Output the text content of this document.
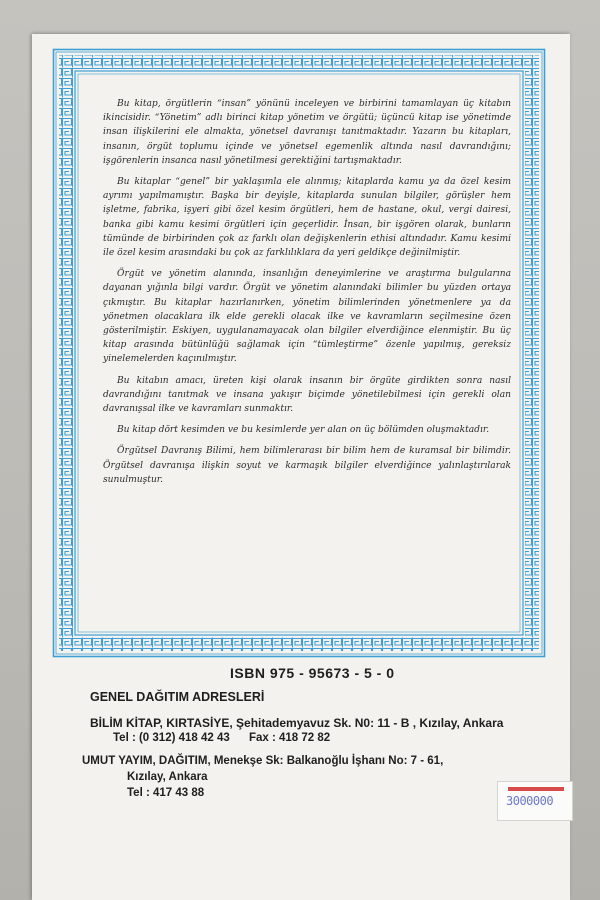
Bu kitap, örgütlerin “insan” yönünü inceleyen ve birbirini tamamlayan üç kitabın ikincisidir. “Yönetim” adlı birinci kitap yönetim ve örgütü; üçüncü kitap ise yönetimde insan ilişkilerini ele almakta, yönetsel davranışı tanıtmaktadır. Yazarın bu kitapları, insanın, örgüt toplumu içinde ve yönetsel egemenlik altında nasıl davrandığını; işgörenlerin insanca nasıl yönetilmesi gerektiğini tartışmaktadır.

Bu kitaplar “genel” bir yaklaşımla ele alınmış; kitaplarda kamu ya da özel kesim ayrımı yapılmamıştır. Başka bir deyişle, kitaplarda sunulan bilgiler, görüşler hem işletme, fabrika, işyeri gibi özel kesim örgütleri, hem de hastane, okul, vergi dairesi, banka gibi kamu kesimi örgütleri için geçerlidir. İnsan, bir işgören olarak, bunların tümünde de birbirinden çok az farklı olan değişkenlerin ethisi altındadır. Kamu kesimi ile özel kesim arasındaki bu çok az farklılıklara da yeri geldikçe değinilmiştir.

Örgüt ve yönetim alanında, insanlığın deneyimlerine ve araştırma bulgularına dayanan yığınla bilgi vardır. Örgüt ve yönetim alanındaki bilimler bu yüzden ortaya çıkmıştır. Bu kitaplar hazırlanırken, yönetim bilimlerinden yönetmenlere ya da yönetmen olacaklara ilk elde gerekli olacak ilke ve kavramların seçilmesine özen gösterilmiştir. Eskiyen, uygulanamayacak olan bilgiler elverdiğince elenmiştir. Bu üç kitap arasında bütünlüğü sağlamak için “tümleştirme” özenle yapılmış, gereksiz yinelemelerden kaçınılmıştır.

Bu kitabın amacı, üreten kişi olarak insanın bir örgüte girdikten sonra nasıl davrandığını tanıtmak ve insana yakışır biçimde yönetilebilmesi için gerekli olan davranışsal ilke ve kavramları sunmaktır.

Bu kitap dört kesimden ve bu kesimlerde yer alan on üç bölümden oluşmaktadır.

Örgütsel Davranış Bilimi, hem bilimlerarası bir bilim hem de kuramsal bir bilimdir. Örgütsel davranışa ilişkin soyut ve karmaşık bilgiler elverdiğince yalınlaştırılarak sunulmuştur.

ISBN 975 - 95673 - 5 - 0
GENEL DAĞITIM ADRESLERİ
BİLİM KİTAP, KIRTASİYE, Şehitademyavuz Sk. N0: 11 - B , Kızılay, Ankara
Tel : (0 312) 418 42 43      Fax : 418 72 82
UMUT YAYIM, DAĞITIM, Menekşe Sk: Balkanoğlu İşhanı No: 7 - 61,
Kızılay, Ankara
Tel : 417 43 88
3000000
